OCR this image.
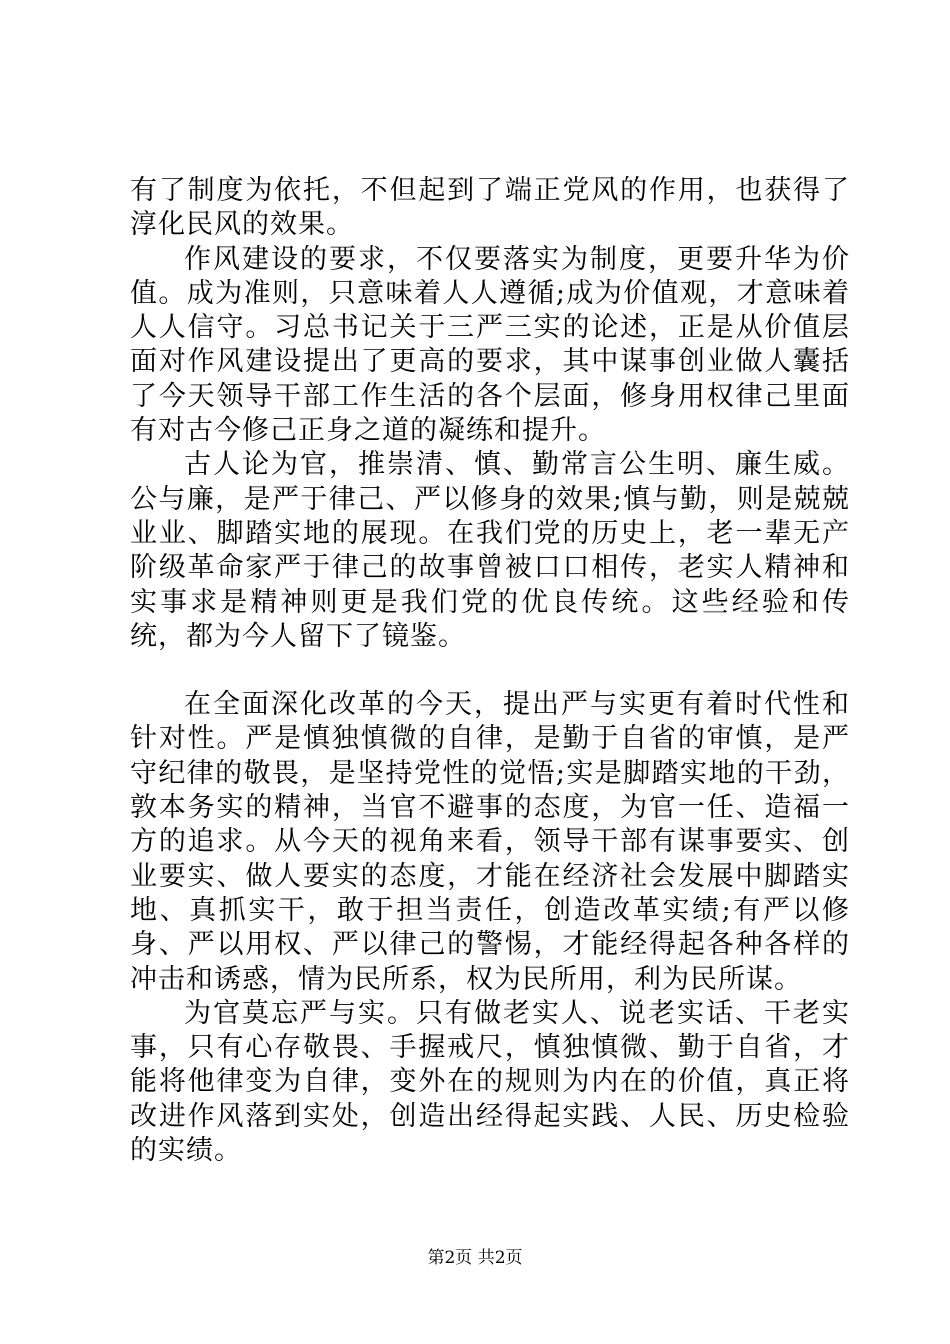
有了制度为依托，不但起到了端正党风的作用，也获得了淳化民风的效果。

作风建设的要求，不仅要落实为制度，更要升华为价值。成为准则，只意味着人人遵循;成为价值观，才意味着人人信守。习总书记关于三严三实的论述，正是从价值层面对作风建设提出了更高的要求，其中谋事创业做人囊括了今天领导干部工作生活的各个层面，修身用权律己里面有对古今修己正身之道的凝练和提升。

古人论为官，推崇清、慎、勤常言公生明、廉生威。公与廉，是严于律己、严以修身的效果;慎与勤，则是兢兢业业、脚踏实地的展现。在我们党的历史上，老一辈无产阶级革命家严于律己的故事曾被口口相传，老实人精神和实事求是精神则更是我们党的优良传统。这些经验和传统，都为今人留下了镜鉴。

在全面深化改革的今天，提出严与实更有着时代性和针对性。严是慎独慎微的自律，是勤于自省的审慎，是严守纪律的敬畏，是坚持党性的觉悟;实是脚踏实地的干劲，敦本务实的精神，当官不避事的态度，为官一任、造福一方的追求。从今天的视角来看，领导干部有谋事要实、创业要实、做人要实的态度，才能在经济社会发展中脚踏实地、真抓实干，敢于担当责任，创造改革实绩;有严以修身、严以用权、严以律己的警惕，才能经得起各种各样的冲击和诱惑，情为民所系，权为民所用，利为民所谋。

为官莫忘严与实。只有做老实人、说老实话、干老实事，只有心存敬畏、手握戒尺，慎独慎微、勤于自省，才能将他律变为自律，变外在的规则为内在的价值，真正将改进作风落到实处，创造出经得起实践、人民、历史检验的实绩。

第2页 共2页
